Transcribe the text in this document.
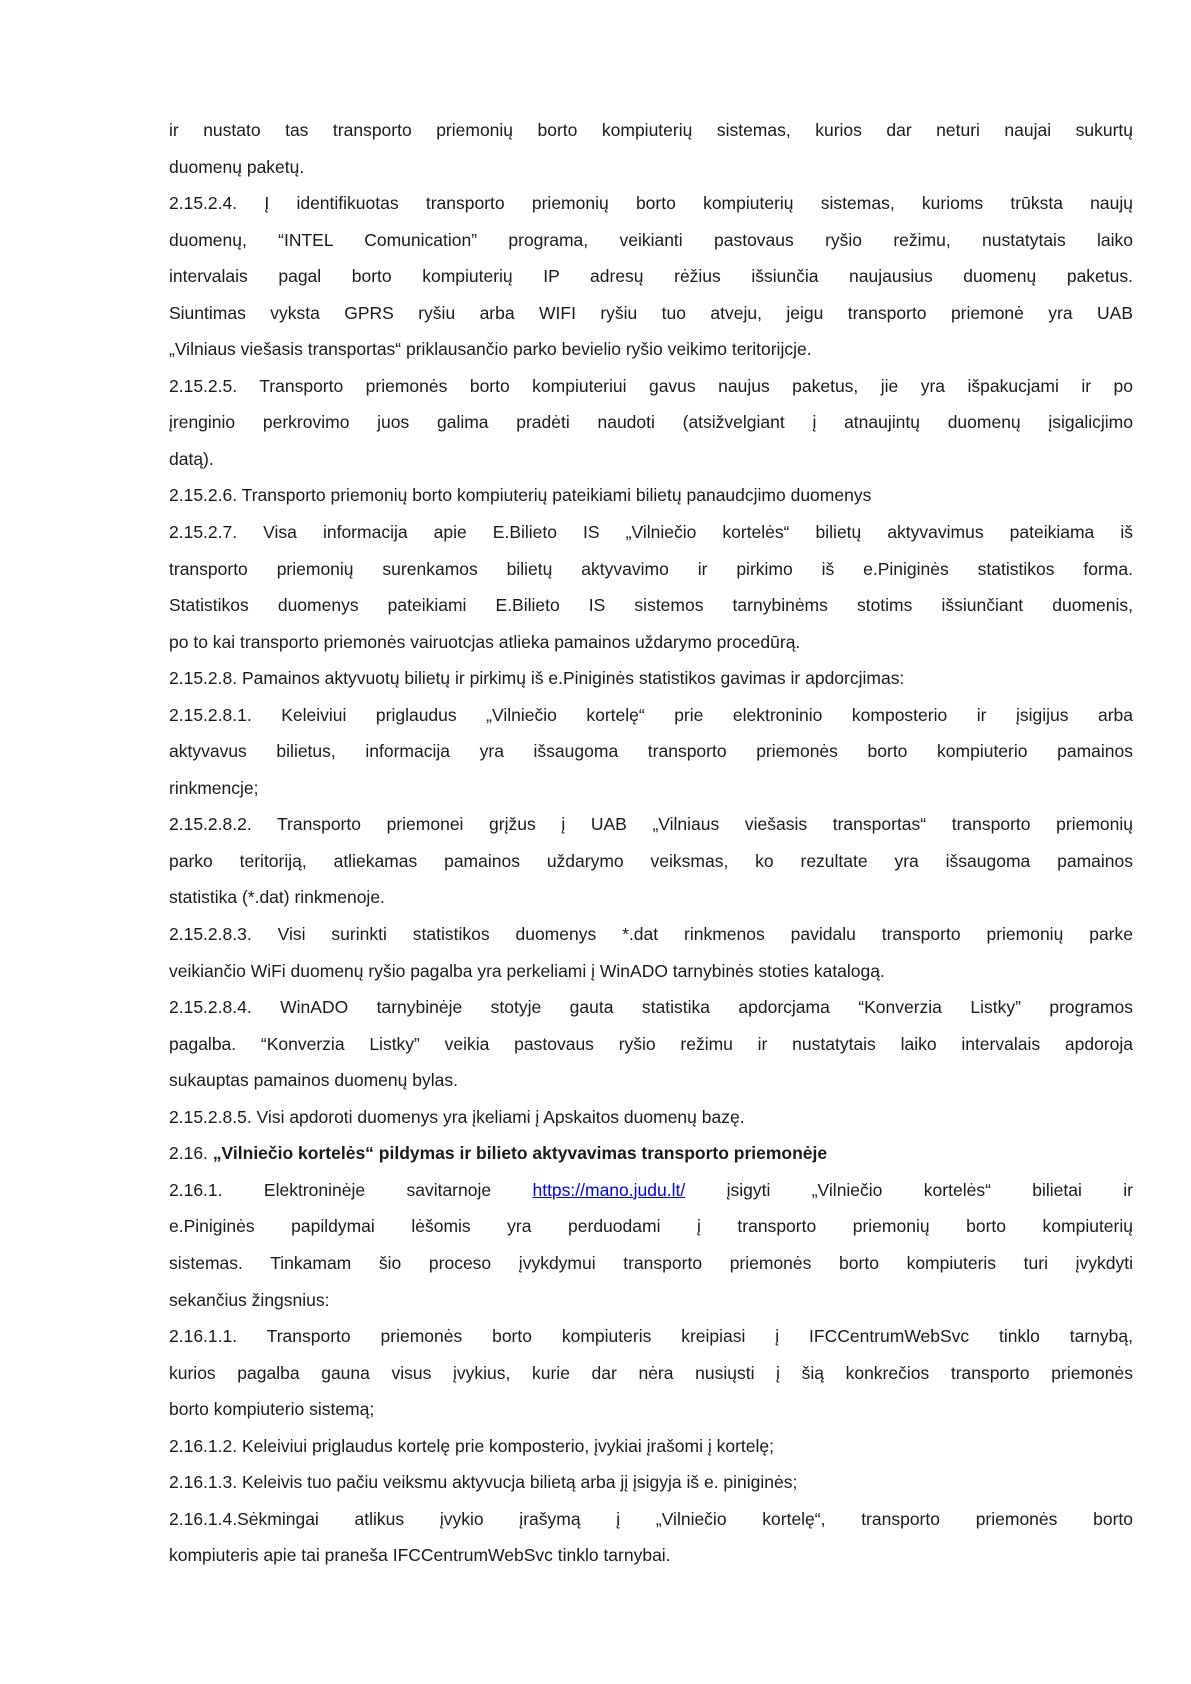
ir nustato tas transporto priemonių borto kompiuterių sistemas, kurios dar neturi naujai sukurtų
duomenų paketų.
2.15.2.4. Į identifikuotas transporto priemonių borto kompiuterių sistemas, kurioms trūksta naujų
duomenų, “INTEL Comunication” programa, veikianti pastovaus ryšio režimu, nustatytais laiko
intervalais pagal borto kompiuterių IP adresų rėžius išsiunčia naujausius duomenų paketus.
Siuntimas vyksta GPRS ryšiu arba WIFI ryšiu tuo atveju, jeigu transporto priemonė yra UAB
„Vilniaus viešasis transportas“ priklausančio parko bevielio ryšio veikimo teritorijcje.
2.15.2.5. Transporto priemonės borto kompiuteriui gavus naujus paketus, jie yra išpakucjami ir po
įrenginio perkrovimo juos galima pradėti naudoti (atsižvelgiant į atnaujintų duomenų įsigalicjimo
datą).
2.15.2.6. Transporto priemonių borto kompiuterių pateikiami bilietų panaudcjimo duomenys
2.15.2.7. Visa informacija apie E.Bilieto IS „Vilniečio kortelės“ bilietų aktyvavimus pateikiama iš
transporto priemonių surenkamos bilietų aktyvavimo ir pirkimo iš e.Piniginės statistikos forma.
Statistikos duomenys pateikiami E.Bilieto IS sistemos tarnybinėms stotims išsiunčiant duomenis,
po to kai transporto priemonės vairuotcjas atlieka pamainos uždarymo procedūrą.
2.15.2.8. Pamainos aktyvuotų bilietų ir pirkimų iš e.Piniginės statistikos gavimas ir apdorcjimas:
2.15.2.8.1. Keleiviui priglaudus „Vilniečio kortelę“ prie elektroninio komposterio ir įsigijus arba
aktyvavus bilietus, informacija yra išsaugoma transporto priemonės borto kompiuterio pamainos
rinkmencje;
2.15.2.8.2. Transporto priemonei grįžus į UAB „Vilniaus viešasis transportas“ transporto priemonių
parko teritoriją, atliekamas pamainos uždarymo veiksmas, ko rezultate yra išsaugoma pamainos
statistika (*.dat) rinkmenoje.
2.15.2.8.3. Visi surinkti statistikos duomenys *.dat rinkmenos pavidalu transporto priemonių parke
veikiančio WiFi duomenų ryšio pagalba yra perkeliami į WinADO tarnybinės stoties katalogą.
2.15.2.8.4. WinADO tarnybinėje stotyje gauta statistika apdorcjama “Konverzia Listky” programos
pagalba. “Konverzia Listky” veikia pastovaus ryšio režimu ir nustatytais laiko intervalais apdoroja
sukauptas pamainos duomenų bylas.
2.15.2.8.5. Visi apdoroti duomenys yra įkeliami į Apskaitos duomenų bazę.
2.16. „Vilniečio kortelės“ pildymas ir bilieto aktyvavimas transporto priemonėje
2.16.1. Elektroninėje savitarnoje https://mano.judu.lt/ įsigyti „Vilniečio kortelės“ bilietai ir
e.Piniginės papildymai lėšomis yra perduodami į transporto priemonių borto kompiuterių
sistemas. Tinkamam šio proceso įvykdymui transporto priemonės borto kompiuteris turi įvykdyti
sekančius žingsnius:
2.16.1.1. Transporto priemonės borto kompiuteris kreipiasi į IFCCentrumWebSvc tinklo tarnybą,
kurios pagalba gauna visus įvykius, kurie dar nėra nusiųsti į šią konkrečios transporto priemonės
borto kompiuterio sistemą;
2.16.1.2. Keleiviui priglaudus kortelę prie komposterio, įvykiai įrašomi į kortelę;
2.16.1.3. Keleivis tuo pačiu veiksmu aktyvucja bilietą arba jį įsigyja iš e. piniginės;
2.16.1.4.Sėkmingai atlikus įvykio įrašymą į „Vilniečio kortelę“, transporto priemonės borto
kompiuteris apie tai praneša IFCCentrumWebSvc tinklo tarnybai.
